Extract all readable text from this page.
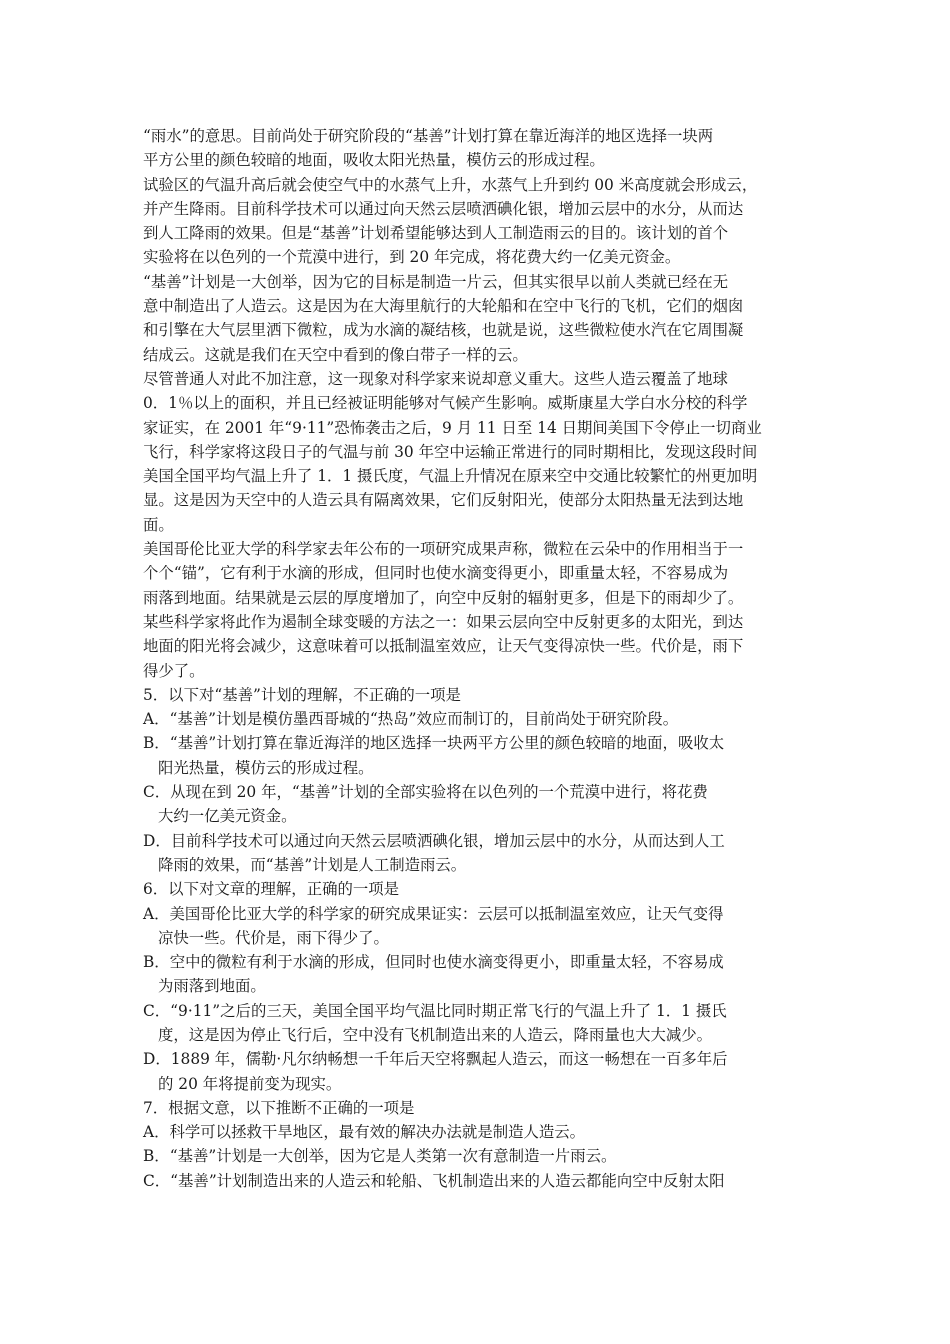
“雨水”的意思。目前尚处于研究阶段的“基善”计划打算在靠近海洋的地区选择一块两
平方公里的颜色较暗的地面，吸收太阳光热量，模仿云的形成过程。
试验区的气温升高后就会使空气中的水蒸气上升，水蒸气上升到约 00 米高度就会形成云，
并产生降雨。目前科学技术可以通过向天然云层喷洒碘化银，增加云层中的水分，从而达
到人工降雨的效果。但是“基善”计划希望能够达到人工制造雨云的目的。该计划的首个
实验将在以色列的一个荒漠中进行，到 20 年完成，将花费大约一亿美元资金。
“基善”计划是一大创举，因为它的目标是制造一片云，但其实很早以前人类就已经在无
意中制造出了人造云。这是因为在大海里航行的大轮船和在空中飞行的飞机，它们的烟囱
和引擎在大气层里洒下微粒，成为水滴的凝结核，也就是说，这些微粒使水汽在它周围凝
结成云。这就是我们在天空中看到的像白带子一样的云。
尽管普通人对此不加注意，这一现象对科学家来说却意义重大。这些人造云覆盖了地球
0．1％以上的面积，并且已经被证明能够对气候产生影响。威斯康星大学白水分校的科学
家证实，在 2001 年“9·11”恐怖袭击之后，9 月 11 日至 14 日期间美国下令停止一切商业
飞行，科学家将这段日子的气温与前 30 年空中运输正常进行的同时期相比，发现这段时间
美国全国平均气温上升了 1．1 摄氏度，气温上升情况在原来空中交通比较繁忙的州更加明
显。这是因为天空中的人造云具有隔离效果，它们反射阳光，使部分太阳热量无法到达地
面。
美国哥伦比亚大学的科学家去年公布的一项研究成果声称，微粒在云朵中的作用相当于一
个个“锚”，它有利于水滴的形成，但同时也使水滴变得更小，即重量太轻，不容易成为
雨落到地面。结果就是云层的厚度增加了，向空中反射的辐射更多，但是下的雨却少了。
某些科学家将此作为遏制全球变暖的方法之一：如果云层向空中反射更多的太阳光，到达
地面的阳光将会减少，这意味着可以抵制温室效应，让天气变得凉快一些。代价是，雨下
得少了。
5．以下对“基善”计划的理解，不正确的一项是
A．“基善”计划是模仿墨西哥城的“热岛”效应而制订的，目前尚处于研究阶段。
B．“基善”计划打算在靠近海洋的地区选择一块两平方公里的颜色较暗的地面，吸收太
阳光热量，模仿云的形成过程。
C．从现在到 20 年，“基善”计划的全部实验将在以色列的一个荒漠中进行，将花费
大约一亿美元资金。
D．目前科学技术可以通过向天然云层喷洒碘化银，增加云层中的水分，从而达到人工
降雨的效果，而“基善”计划是人工制造雨云。
6．以下对文章的理解，正确的一项是
A．美国哥伦比亚大学的科学家的研究成果证实：云层可以抵制温室效应，让天气变得
凉快一些。代价是，雨下得少了。
B．空中的微粒有利于水滴的形成，但同时也使水滴变得更小，即重量太轻，不容易成
为雨落到地面。
C．“9·11”之后的三天，美国全国平均气温比同时期正常飞行的气温上升了 1．1 摄氏
度，这是因为停止飞行后，空中没有飞机制造出来的人造云，降雨量也大大减少。
D．1889 年，儒勒·凡尔纳畅想一千年后天空将飘起人造云，而这一畅想在一百多年后
的 20 年将提前变为现实。
7．根据文意，以下推断不正确的一项是
A．科学可以拯救干旱地区，最有效的解决办法就是制造人造云。
B．“基善”计划是一大创举，因为它是人类第一次有意制造一片雨云。
C．“基善”计划制造出来的人造云和轮船、飞机制造出来的人造云都能向空中反射太阳
